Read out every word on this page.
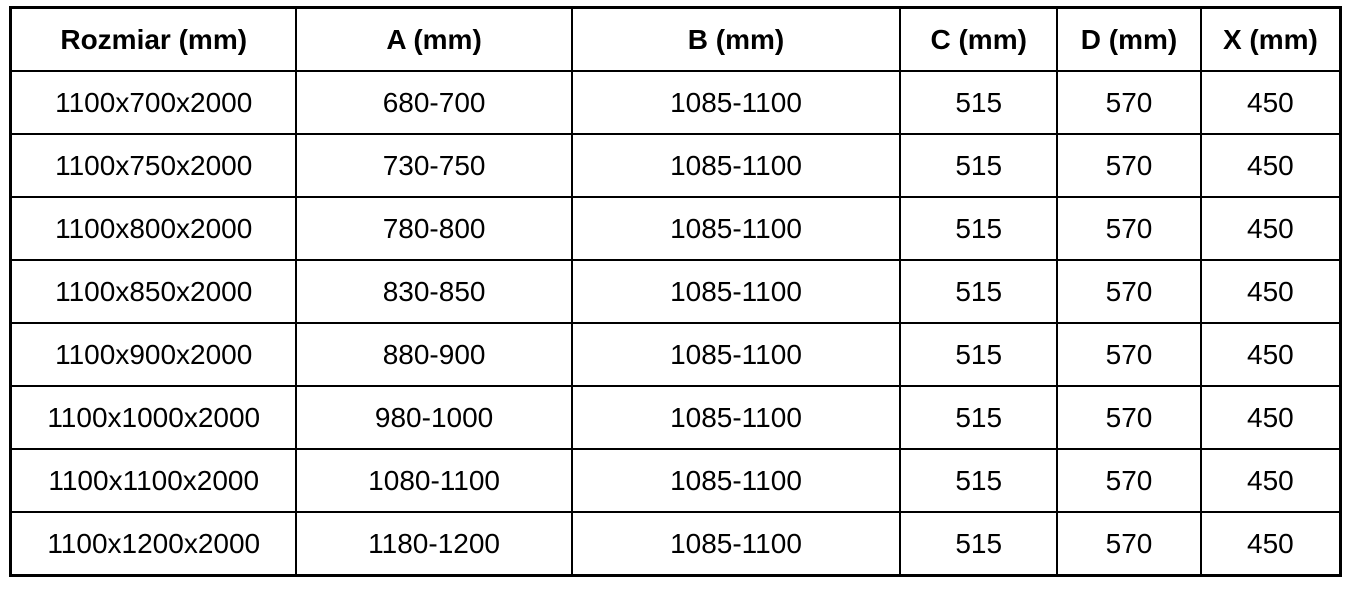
Rozmiar (mm)	A (mm)	B (mm)	C (mm)	D (mm)	X (mm)
1100x700x2000	680-700	1085-1100	515	570	450
1100x750x2000	730-750	1085-1100	515	570	450
1100x800x2000	780-800	1085-1100	515	570	450
1100x850x2000	830-850	1085-1100	515	570	450
1100x900x2000	880-900	1085-1100	515	570	450
1100x1000x2000	980-1000	1085-1100	515	570	450
1100x1100x2000	1080-1100	1085-1100	515	570	450
1100x1200x2000	1180-1200	1085-1100	515	570	450
